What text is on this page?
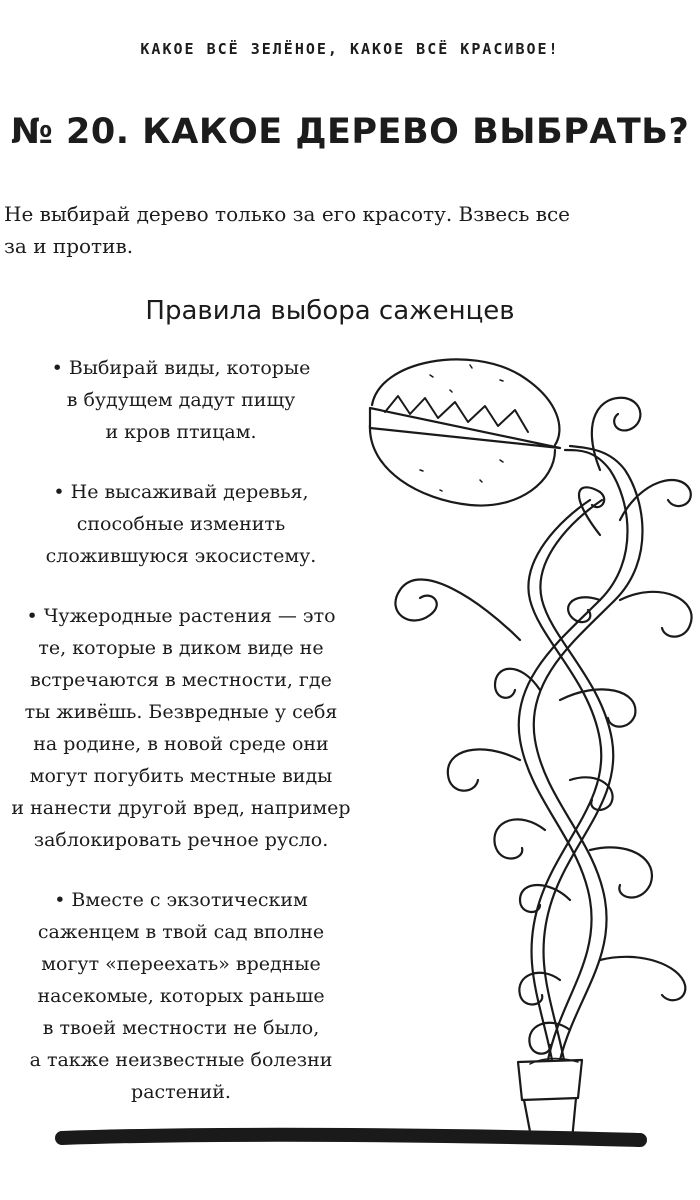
КАКОЕ ВСЁ ЗЕЛЁНОЕ, КАКОЕ ВСЁ КРАСИВОЕ!
№ 20. КАКОЕ ДЕРЕВО ВЫБРАТЬ?

Не выбирай дерево только за его красоту. Взвесь все за и против.

Правила выбора саженцев

• Выбирай виды, которые
в будущем дадут пищу
и кров птицам.

• Не высаживай деревья,
способные изменить
сложившуюся экосистему.

• Чужеродные растения — это
те, которые в диком виде не
встречаются в местности, где
ты живёшь. Безвредные у себя
на родине, в новой среде они
могут погубить местные виды
и нанести другой вред, например
заблокировать речное русло.

• Вместе с экзотическим
саженцем в твой сад вполне
могут «переехать» вредные
насекомые, которых раньше
в твоей местности не было,
а также неизвестные болезни
растений.
